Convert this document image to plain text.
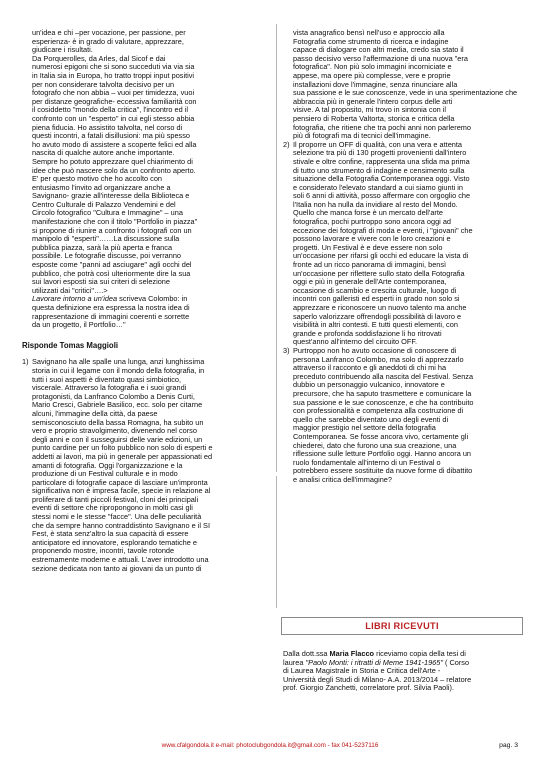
un'idea e chi –per vocazione, per passione, per
esperienza- è in grado di valutare, apprezzare,
giudicare i risultati.
Da Porquerolles, da Arles, dal Sicof e dai
numerosi epigoni che si sono succeduti via via sia
in Italia sia in Europa, ho tratto troppi input positivi
per non considerare talvolta decisivo per un
fotografo che non abbia – vuoi per timidezza, vuoi
per distanze geografiche- eccessiva familiarità con
il cosiddetto "mondo della critica", l'incontro ed il
confronto con un "esperto" in cui egli stesso abbia
piena fiducia. Ho assistito talvolta, nel corso di
questi incontri, a fatali disillusioni: ma più spesso
ho avuto modo di assistere a scoperte felici ed alla
nascita di qualche autore anche importante.
Sempre ho potuto apprezzare quel chiarimento di
idee che può nascere solo da un confronto aperto.
E' per questo motivo che ho accolto con
entusiasmo l'invito ad organizzare anche a
Savignano- grazie all'interesse della Biblioteca e
Centro Culturale di Palazzo Vendemini e del
Circolo fotografico "Cultura e Immagine" – una
manifestazione che con il titolo "Portfolio in piazza"
si propone di riunire a confronto i fotografi con un
manipolo di "esperti"……La discussione sulla
pubblica piazza, sarà la più aperta e franca
possibile. Le fotografie discusse, poi verranno
esposte come "panni ad asciugare" agli occhi del
pubblico, che potrà così ulteriormente dire la sua
sui lavori esposti sia sui criteri di selezione
utilizzati dai "critici"….>

Lavorare intorno a un'idea scriveva Colombo: in

questa definizione era espressa la nostra idea di
rappresentazione di immagini coerenti e sorrette
da un progetto, il Portfolio…"

Risponde Tomas Maggioli
1) Savignano ha alle spalle una lunga, anzi lunghissima
storia in cui il legame con il mondo della fotografia, in
tutti i suoi aspetti è diventato quasi simbiotico,
viscerale. Attraverso la fotografia e i suoi grandi
protagonisti, da Lanfranco Colombo a Denis Curti,
Mario Cresci, Gabriele Basilico, ecc. solo per citarne
alcuni, l'immagine della città, da paese
semisconosciuto della bassa Romagna, ha subito un
vero e proprio stravolgimento, divenendo nel corso
degli anni e con il susseguirsi delle varie edizioni, un
punto cardine per un folto pubblico non solo di esperti e
addetti ai lavori, ma più in generale per appassionati ed
amanti di fotografia. Oggi l'organizzazione e la
produzione di un Festival culturale e in modo
particolare di fotografie capace di lasciare un'impronta
significativa non è impresa facile, specie in relazione al
proliferare di tanti piccoli festival, cloni dei principali
eventi di settore che ripropongono in molti casi gli
stessi nomi e le stesse "facce". Una delle peculiarità
che da sempre hanno contraddistinto Savignano e il SI
Fest, è stata senz'altro la sua capacità di essere
anticipatore ed innovatore, esplorando tematiche e
proponendo mostre, incontri, tavole rotonde
estremamente moderne e attuali. L'aver introdotto una
sezione dedicata non tanto ai giovani da un punto di

vista anagrafico bensì nell'uso e approccio alla
Fotografia come strumento di ricerca e indagine
capace di dialogare con altri media, credo sia stato il
passo decisivo verso l'affermazione di una nuova "era
fotografica". Non più solo immagini incorniciate e
appese, ma opere più complesse, vere e proprie
installazioni dove l'immagine, senza rinunciare alla
sua passione e le sue conoscenze, vede in una sperimentazione che
abbraccia più in generale l'intero corpus delle arti
visive. A tal proposito, mi trovo in sintonia con il
pensiero di Roberta Valtorta, storica e critica della
fotografia, che ritiene che tra pochi anni non parleremo
più di fotografi ma di tecnici dell'immagine.

2) Il proporre un OFF di qualità, con una vera e attenta
selezione tra più di 130 progetti provenienti dall'intero
stivale e oltre confine, rappresenta una sfida ma prima
di tutto uno strumento di indagine e censimento sulla
situazione della Fotografia Contemporanea oggi. Visto
e considerato l'elevato standard a cui siamo giunti in
soli 6 anni di attività, posso affermare con orgoglio che
l'Italia non ha nulla da invidiare al resto del Mondo.
Quello che manca forse è un mercato dell'arte
fotografica, pochi purtroppo sono ancora oggi ad
eccezione dei fotografi di moda e eventi, i "giovani" che
possono lavorare e vivere con le loro creazioni e
progetti. Un Festival è e deve essere non solo
un'occasione per rifarsi gli occhi ed educare la vista di
fronte ad un ricco panorama di immagini, bensì
un'occasione per riflettere sullo stato della Fotografia
oggi e più in generale dell'Arte contemporanea,
occasione di scambio e crescita culturale, luogo di
incontri con galleristi ed esperti in grado non solo si
apprezzare e riconoscere un nuovo talento ma anche
saperlo valorizzare offrendogli possibilità di lavoro e
visibilità in altri contesti. E tutti questi elementi, con
grande e profonda soddisfazione li ho ritrovati
quest'anno all'interno del circuito OFF.
3) Purtroppo non ho avuto occasione di conoscere di
persona Lanfranco Colombo, ma solo di apprezzarlo
attraverso il racconto e gli aneddoti di chi mi ha
preceduto contribuendo alla nascita del Festival. Senza
dubbio un personaggio vulcanico, innovatore e
precursore, che ha saputo trasmettere e comunicare la
sua passione e le sue conoscenze, e che ha contribuito
con professionalità e competenza alla costruzione di
quello che sarebbe diventato uno degli eventi di
maggior prestigio nel settore della fotografia
Contemporanea. Se fosse ancora vivo, certamente gli
chiederei, dato che furono una sua creazione, una
riflessione sulle letture Portfolio oggi. Hanno ancora un
ruolo fondamentale all'interno di un Festival o
potrebbero essere sostituite da nuove forme di dibattito
e analisi critica dell'immagine?
LIBRI RICEVUTI

Dalla dott.ssa Maria Flacco riceviamo copia della tesi di
laurea "Paolo Monti: i ritratti di Meme 1941-1965" ( Corso
di Laurea Magistrale in Storia e Critica dell'Arte -
Università degli Studi di Milano- A.A. 2013/2014 – relatore
prof. Giorgio Zanchetti, correlatore prof. Silvia Paoli).

www.cfalgondola.it e-mail: photoclubgondola.it@gmail.com - fax 041-5237116	pag. 3
